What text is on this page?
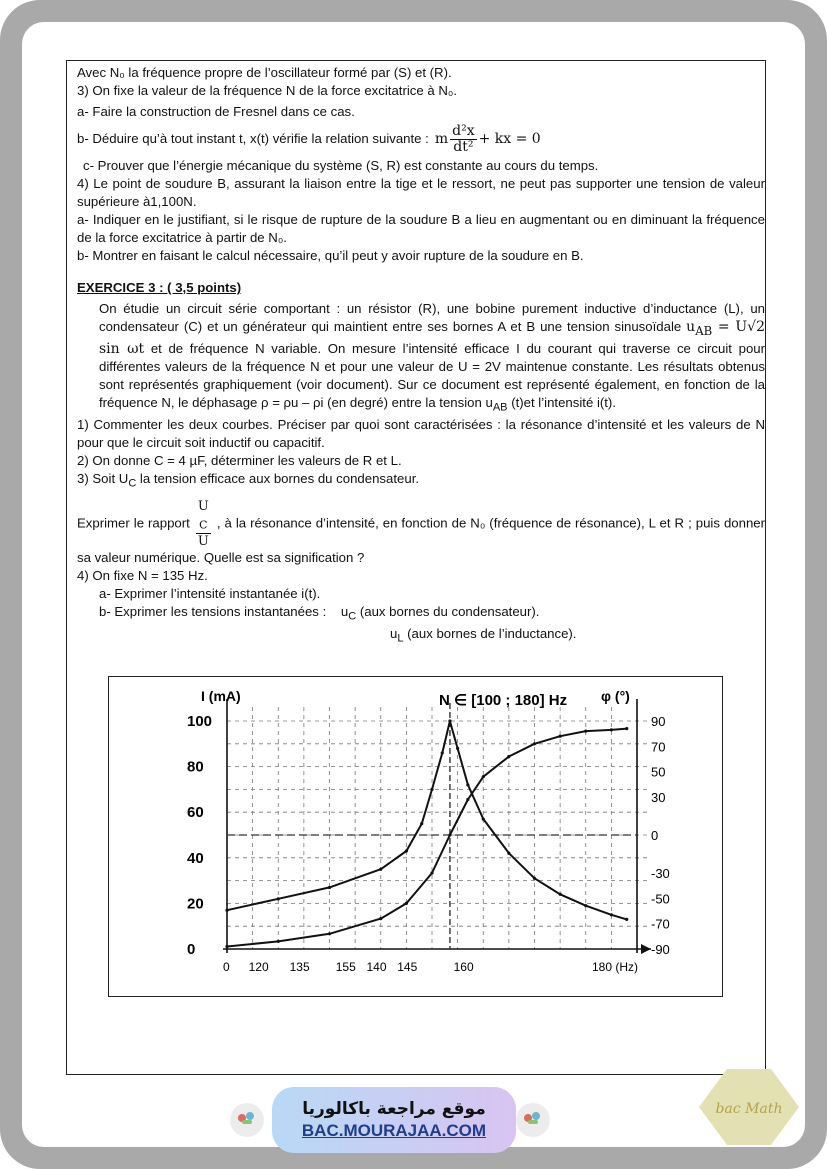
Avec N₀ la fréquence propre de l’oscillateur formé par (S) et (R).

3) On fixe la valeur de la fréquence N de la force excitatrice à N₀.

a- Faire la construction de Fresnel dans ce cas.

b- Déduire qu’à tout instant t, x(t) vérifie la relation suivante : m $\frac{\text{d²x}}{\text{dt²}}$ + kx = 0

c- Prouver que l’énergie mécanique du système (S, R) est constante au cours du temps.

4) Le point de soudure B, assurant la liaison entre la tige et le ressort, ne peut pas supporter une tension de valeur supérieure à1,100N.

a- Indiquer en le justifiant, si le risque de rupture de la soudure B a lieu en augmentant ou en diminuant la fréquence de la force excitatrice à partir de N₀.

b- Montrer en faisant le calcul nécessaire, qu’il peut y avoir rupture de la soudure en B.

EXERCICE 3 : ( 3,5 points)

On étudie un circuit série comportant : un résistor (R), une bobine purement inductive d’inductance (L), un condensateur (C) et un générateur qui maintient entre ses bornes A et B une tension sinusoïdale $u_{AB} = U√2$ sin ωt et de fréquence N variable. On mesure l’intensité efficace I du courant qui traverse ce circuit pour différentes valeurs de la fréquence N et pour une valeur de U = 2V maintenue constante. Les résultats obtenus sont représentés graphiquement (voir document). Sur ce document est représenté également, en fonction de la fréquence N, le déphasage ρ = ρu – ρi (en degré) entre la tension $u_{AB}$ (t)et l’intensité i(t).

1) Commenter les deux courbes. Préciser par quoi sont caractérisées : la résonance d’intensité et les valeurs de N pour que le circuit soit inductif ou capacitif.

2) On donne C = 4 µF, déterminer les valeurs de R et L.

3) Soit $U_C$ la tension efficace aux bornes du condensateur.

Exprimer le rapport U
$_C$
U , à la résonance d’intensité, en fonction de N₀ (fréquence de résonance), L et R ; puis donner sa valeur numérique. Quelle est sa signification ?

4) On fixe N = 135 Hz.

a- Exprimer l’intensité instantanée i(t).

b- Exprimer les tensions instantanées : $u_C$ (aux bornes du condensateur).

$u_L$ (aux bornes de l’inductance).

N ∈ [100 ; 180] Hz
I (mA)	φ (°)
100
80
60
40
20
0
90
70
50
30
0
-30
-50
-70
-90
0 120 135 155 140 145	160	180 (Hz)
موقع مراجعة باكالوريا
BAC.MOURAJAA.COM
bac Math
